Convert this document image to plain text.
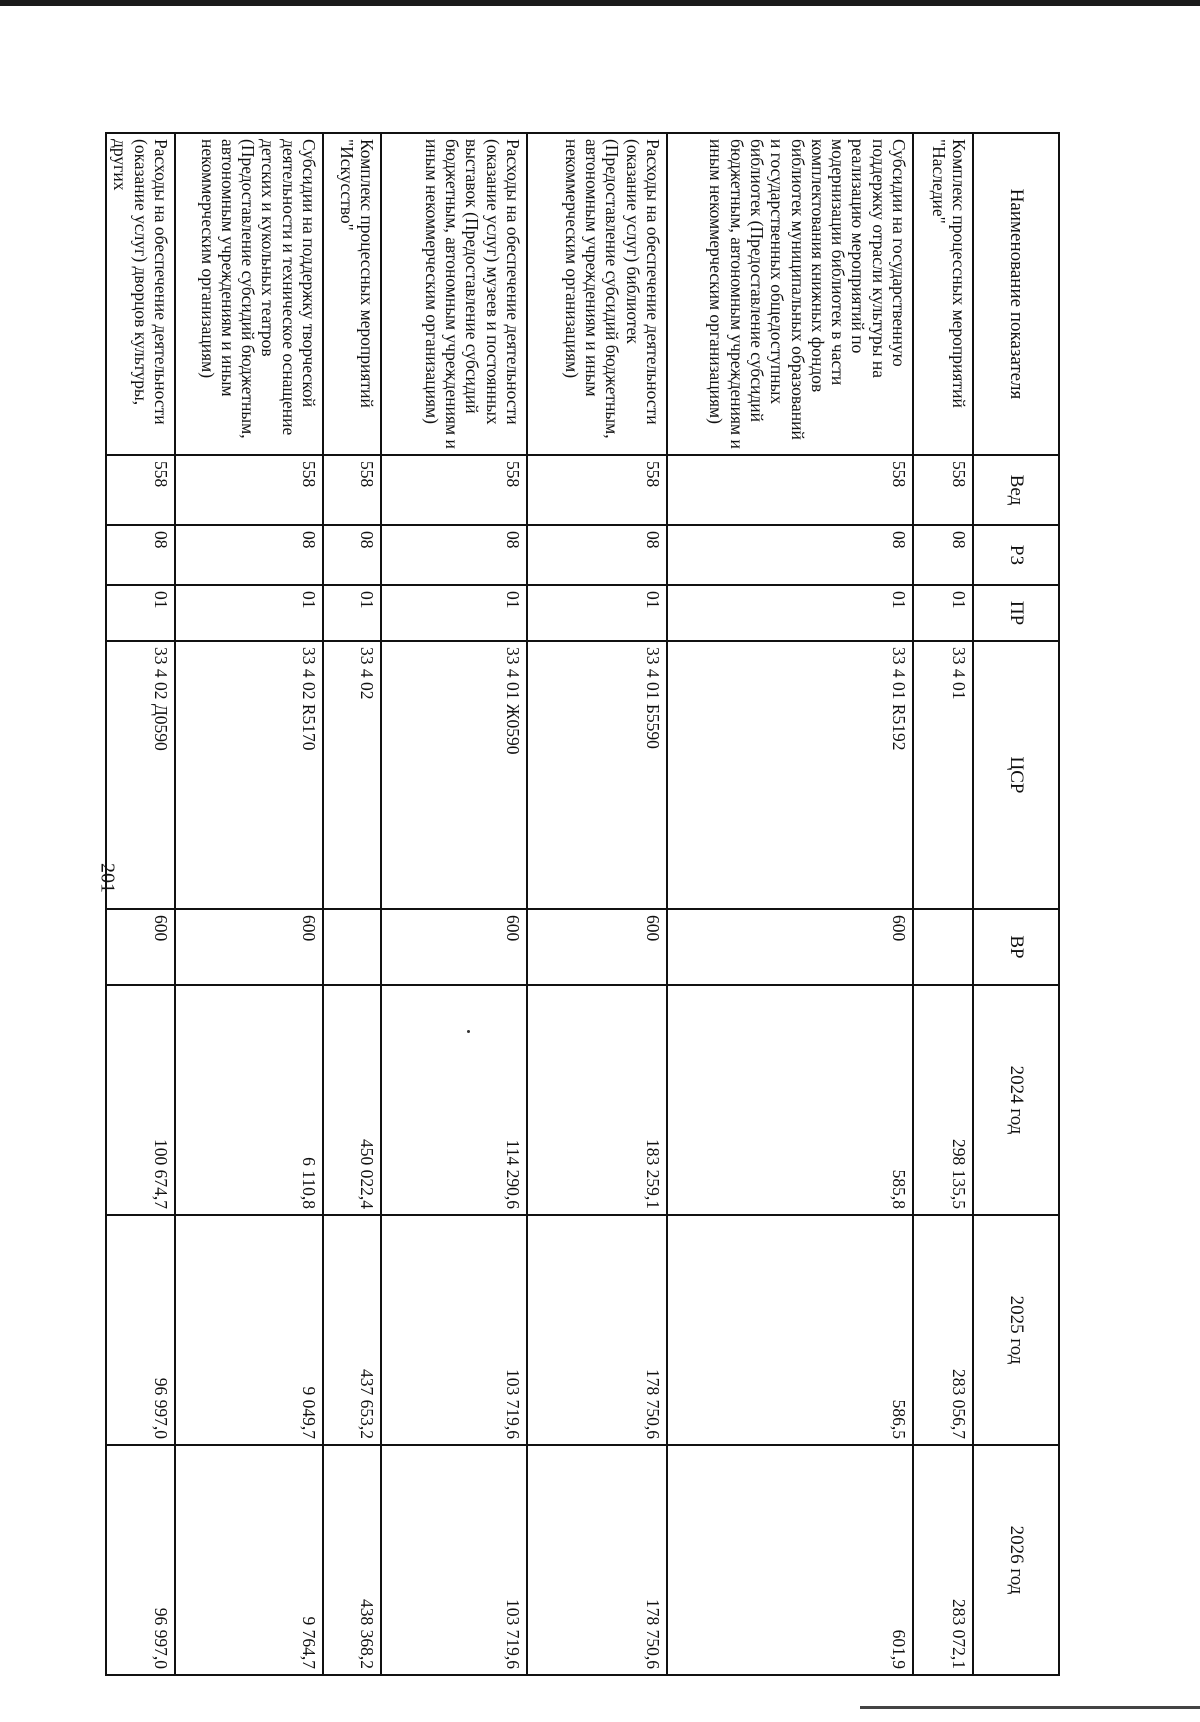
201
Наименование показателя	Вед	РЗ	ПР	ЦСР	ВР	2024 год	2025 год	2026 год
Комплекс процессных мероприятий "Наследие"	558	08	01	33 4 01		298 135,5	283 056,7	283 072,1
Субсидии на государственную поддержку отрасли культуры на реализацию мероприятий по модернизации библиотек в части комплектования книжных фондов библиотек муниципальных образований и государственных общедоступных библиотек (Предоставление субсидий бюджетным, автономным учреждениям и иным некоммерческим организациям)	558	08	01	33 4 01 R5192	600	585,8	586,5	601,9
Расходы на обеспечение деятельности (оказание услуг) библиотек (Предоставление субсидий бюджетным, автономным учреждениям и иным некоммерческим организациям)	558	08	01	33 4 01 Б5590	600	183 259,1	178 750,6	178 750,6
Расходы на обеспечение деятельности (оказание услуг) музеев и постоянных выставок (Предоставление субсидий бюджетным, автономным учреждениям и иным некоммерческим организациям)	558	08	01	33 4 01 Ж0590	600	114 290,6	103 719,6	103 719,6
Комплекс процессных мероприятий "Искусство"	558	08	01	33 4 02		450 022,4	437 653,2	438 368,2
Субсидии на поддержку творческой деятельности и техническое оснащение детских и кукольных театров (Предоставление субсидий бюджетным, автономным учреждениям и иным некоммерческим организациям)	558	08	01	33 4 02 R5170	600	6 110,8	9 049,7	9 764,7
Расходы на обеспечение деятельности (оказание услуг) дворцов культуры, других	558	08	01	33 4 02 Д0590	600	100 674,7	96 997,0	96 997,0
